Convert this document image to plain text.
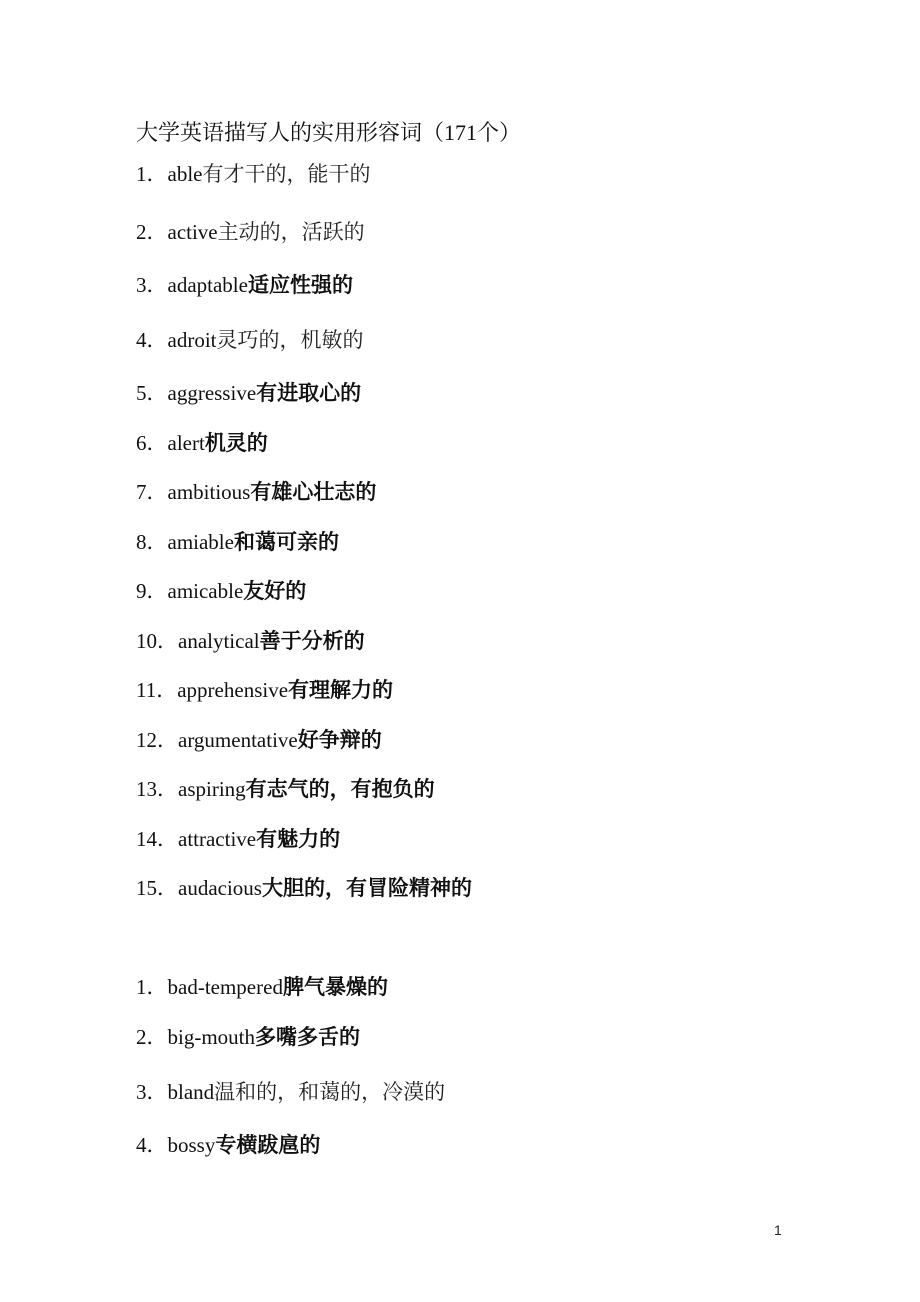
大学英语描写人的实用形容词（171个）
1．able有才干的，能干的
2．active主动的，活跃的
3．adaptable适应性强的
4．adroit灵巧的，机敏的
5．aggressive有进取心的
6．alert机灵的
7．ambitious有雄心壮志的
8．amiable和蔼可亲的
9．amicable友好的
10．analytical善于分析的
11．apprehensive有理解力的
12．argumentative好争辩的
13．aspiring有志气的，有抱负的
14．attractive有魅力的
15．audacious大胆的，有冒险精神的
1．bad-tempered脾气暴燥的
2．big-mouth多嘴多舌的
3．bland温和的，和蔼的，冷漠的
4．bossy专横跋扈的
1
